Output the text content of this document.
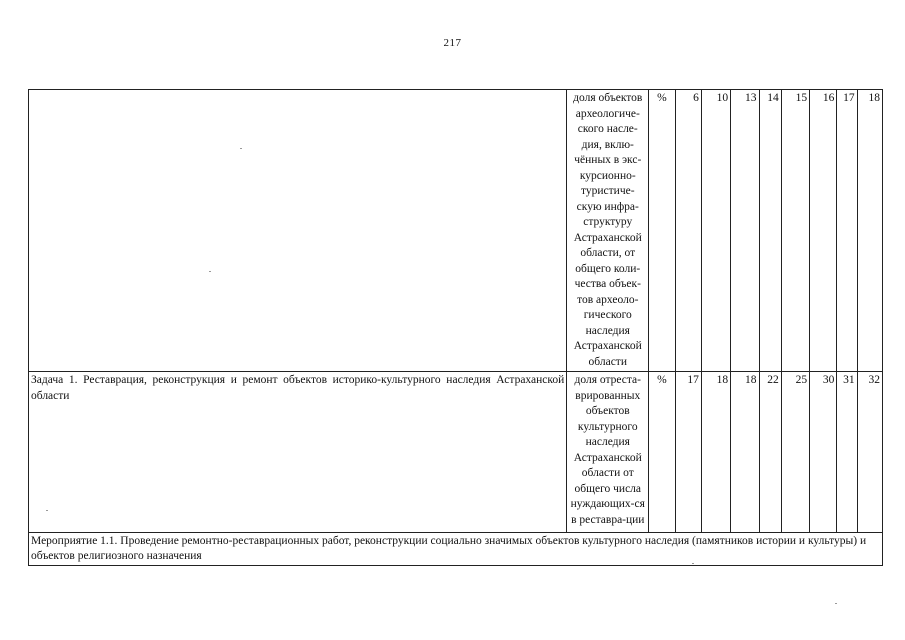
217
	доля объектов археологиче-ского насле-дия, вклю-чённых в экс-курсионно-туристиче-скую инфра-структуру Астраханской области, от общего коли-чества объек-тов археоло-гического наследия Астраханской области	%	6	10	13	14	15	16	17	18
Задача 1. Реставрация, реконструкция и ремонт объектов историко-культурного наследия Астраханской области	доля отреста-врированных объектов культурного наследия Астраханской области от общего числа нуждающих-ся в реставра-ции	%	17	18	18	22	25	30	31	32
Мероприятие 1.1. Проведение ремонтно-реставрационных работ, реконструкции социально значимых объектов культурного наследия (памятников истории и культуры) и объектов религиозного назначения										
